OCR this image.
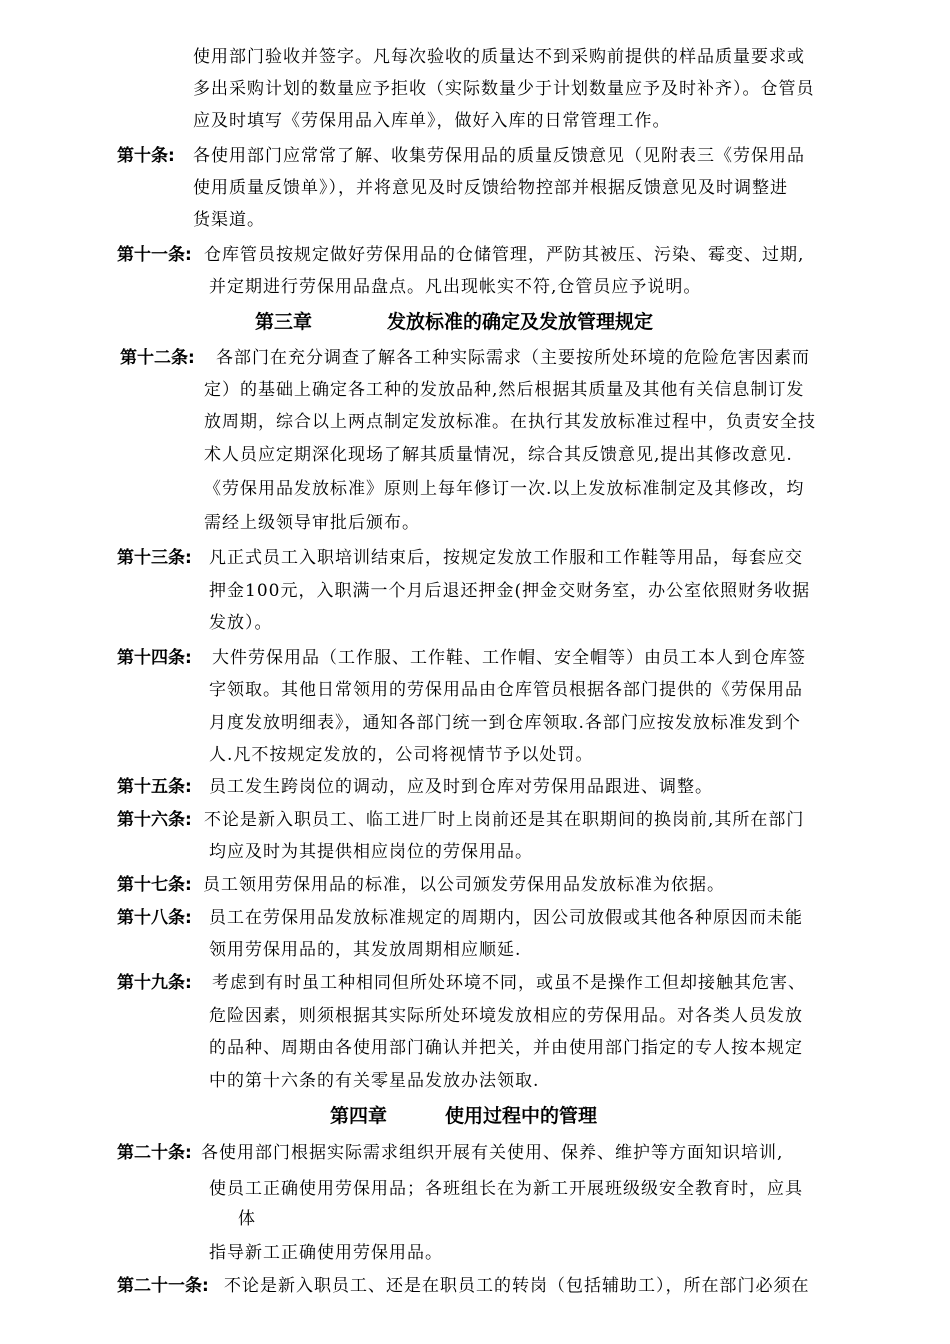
使用部门验收并签字。凡每次验收的质量达不到采购前提供的样品质量要求或
多出采购计划的数量应予拒收（实际数量少于计划数量应予及时补齐）。仓管员
应及时填写《劳保用品入库单》，做好入库的日常管理工作。
第十条: 各使用部门应常常了解、收集劳保用品的质量反馈意见（见附表三《劳保用品
使用质量反馈单》），并将意见及时反馈给物控部并根据反馈意见及时调整进
货渠道。
第十一条: 仓库管员按规定做好劳保用品的仓储管理，严防其被压、污染、霉变、过期,
并定期进行劳保用品盘点。凡出现帐实不符,仓管员应予说明。
第三章	发放标准的确定及发放管理规定
第十二条: 各部门在充分调查了解各工种实际需求（主要按所处环境的危险危害因素而
定）的基础上确定各工种的发放品种,然后根据其质量及其他有关信息制订发
放周期，综合以上两点制定发放标准。在执行其发放标准过程中，负责安全技
术人员应定期深化现场了解其质量情况，综合其反馈意见,提出其修改意见.
《劳保用品发放标准》原则上每年修订一次.以上发放标准制定及其修改，均
需经上级领导审批后颁布。
第十三条: 凡正式员工入职培训结束后，按规定发放工作服和工作鞋等用品，每套应交
押金100元，入职满一个月后退还押金(押金交财务室，办公室依照财务收据
发放）。
第十四条: 大件劳保用品（工作服、工作鞋、工作帽、安全帽等）由员工本人到仓库签
字领取。其他日常领用的劳保用品由仓库管员根据各部门提供的《劳保用品
月度发放明细表》，通知各部门统一到仓库领取.各部门应按发放标准发到个
人.凡不按规定发放的，公司将视情节予以处罚。
第十五条: 员工发生跨岗位的调动，应及时到仓库对劳保用品跟进、调整。
第十六条: 不论是新入职员工、临工进厂时上岗前还是其在职期间的换岗前,其所在部门
均应及时为其提供相应岗位的劳保用品。
第十七条: 员工领用劳保用品的标准，以公司颁发劳保用品发放标准为依据。
第十八条: 员工在劳保用品发放标准规定的周期内，因公司放假或其他各种原因而未能
领用劳保用品的，其发放周期相应顺延.
第十九条: 考虑到有时虽工种相同但所处环境不同，或虽不是操作工但却接触其危害、
危险因素，则须根据其实际所处环境发放相应的劳保用品。对各类人员发放
的品种、周期由各使用部门确认并把关，并由使用部门指定的专人按本规定
中的第十六条的有关零星品发放办法领取.
第四章	使用过程中的管理
第二十条: 各使用部门根据实际需求组织开展有关使用、保养、维护等方面知识培训,
使员工正确使用劳保用品；各班组长在为新工开展班级级安全教育时，应具
体
指导新工正确使用劳保用品。
第二十一条: 不论是新入职员工、还是在职员工的转岗（包括辅助工），所在部门必须在
